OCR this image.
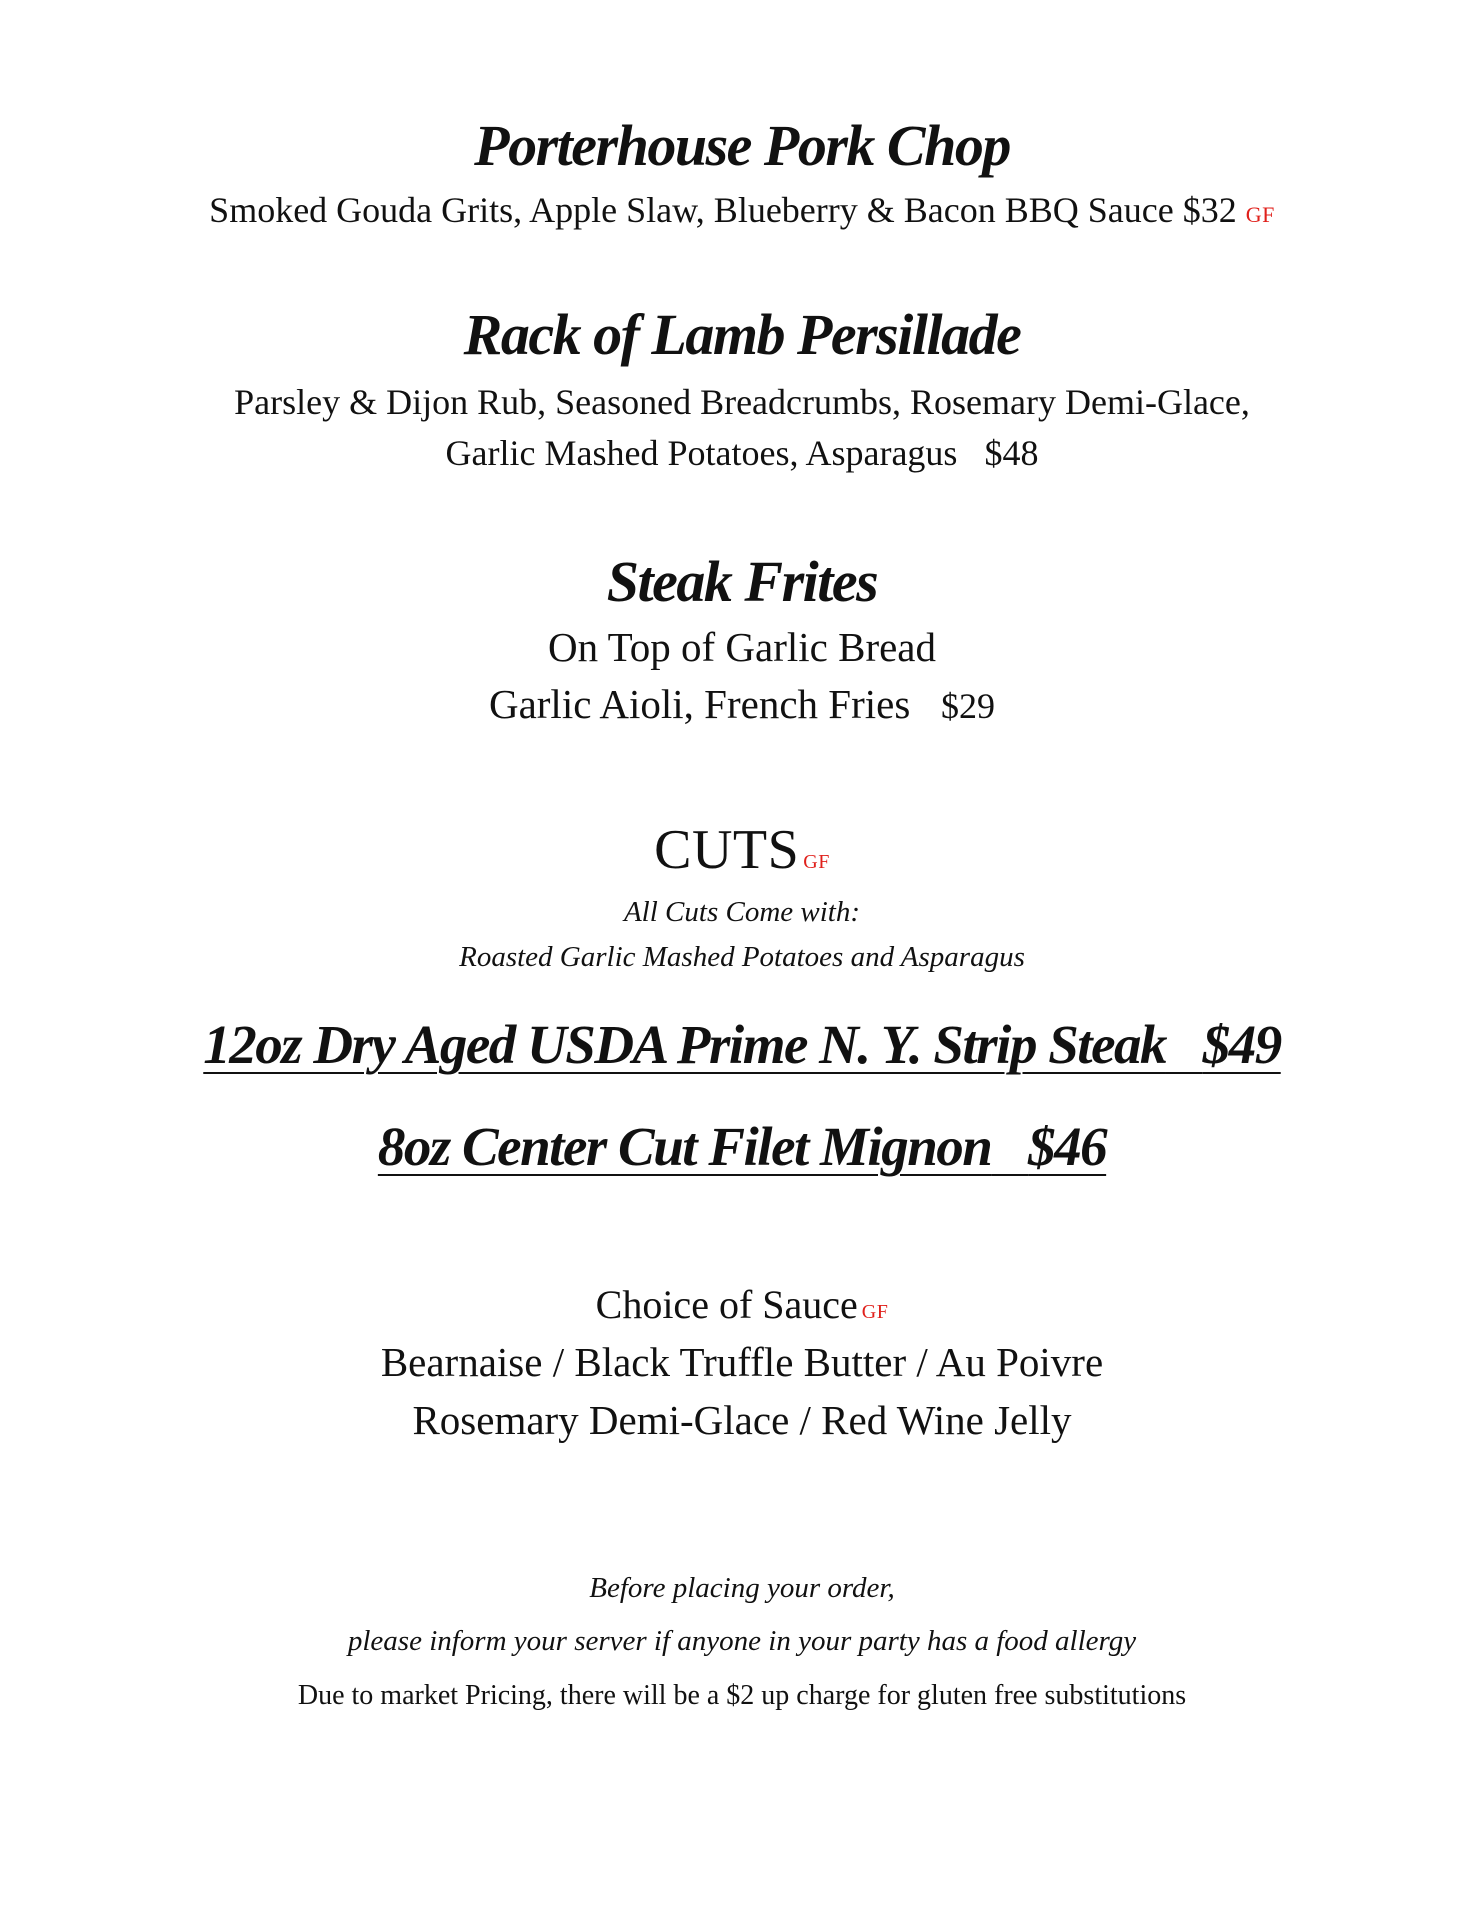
Porterhouse Pork Chop
Smoked Gouda Grits, Apple Slaw, Blueberry & Bacon BBQ Sauce $32 GF
Rack of Lamb Persillade
Parsley & Dijon Rub, Seasoned Breadcrumbs, Rosemary Demi-Glace,
Garlic Mashed Potatoes, Asparagus $48
Steak Frites
On Top of Garlic Bread
Garlic Aioli, French Fries $29
CUTS GF
All Cuts Come with:
Roasted Garlic Mashed Potatoes and Asparagus
12oz Dry Aged USDA Prime N. Y. Strip Steak $49
8oz Center Cut Filet Mignon $46
Choice of Sauce GF
Bearnaise / Black Truffle Butter / Au Poivre
Rosemary Demi-Glace / Red Wine Jelly
Before placing your order,
please inform your server if anyone in your party has a food allergy
Due to market Pricing, there will be a $2 up charge for gluten free substitutions
